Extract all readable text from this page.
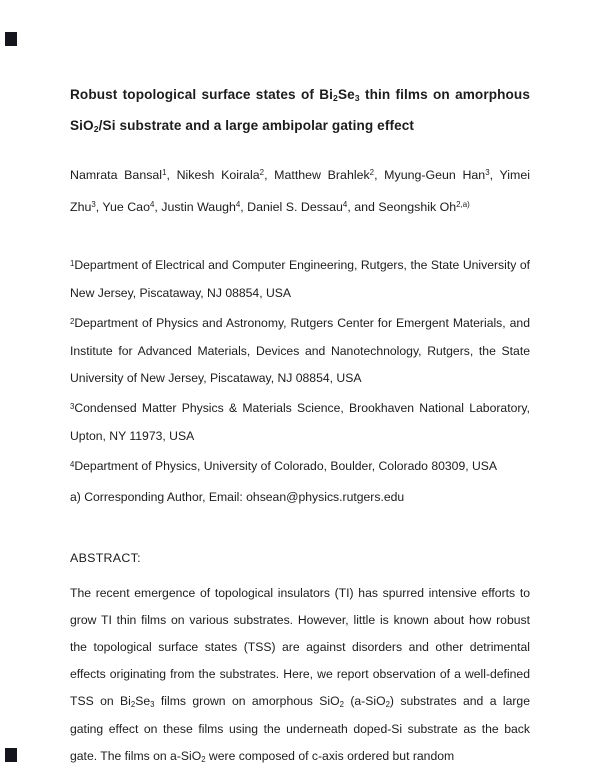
Robust topological surface states of Bi2Se3 thin films on amorphous SiO2/Si substrate and a large ambipolar gating effect

Namrata Bansal$^1$, Nikesh Koirala$^2$, Matthew Brahlek$^2$, Myung-Geun Han$^3$, Yimei Zhu$^3$, Yue Cao$^4$, Justin Waugh$^4$, Daniel S. Dessau$^4$, and Seongshik Oh$^{2,a)}$

$^1$Department of Electrical and Computer Engineering, Rutgers, the State University of New Jersey, Piscataway, NJ 08854, USA

$^2$Department of Physics and Astronomy, Rutgers Center for Emergent Materials, and Institute for Advanced Materials, Devices and Nanotechnology, Rutgers, the State University of New Jersey, Piscataway, NJ 08854, USA

$^3$Condensed Matter Physics & Materials Science, Brookhaven National Laboratory, Upton, NY 11973, USA

$^4$Department of Physics, University of Colorado, Boulder, Colorado 80309, USA

a) Corresponding Author, Email: ohsean@physics.rutgers.edu

ABSTRACT:

The recent emergence of topological insulators (TI) has spurred intensive efforts to grow TI thin films on various substrates. However, little is known about how robust the topological surface states (TSS) are against disorders and other detrimental effects originating from the substrates. Here, we report observation of a well-defined TSS on Bi2Se3 films grown on amorphous SiO2 (a-SiO2) substrates and a large gating effect on these films using the underneath doped-Si substrate as the back gate. The films on a-SiO2 were composed of c-axis ordered but random
